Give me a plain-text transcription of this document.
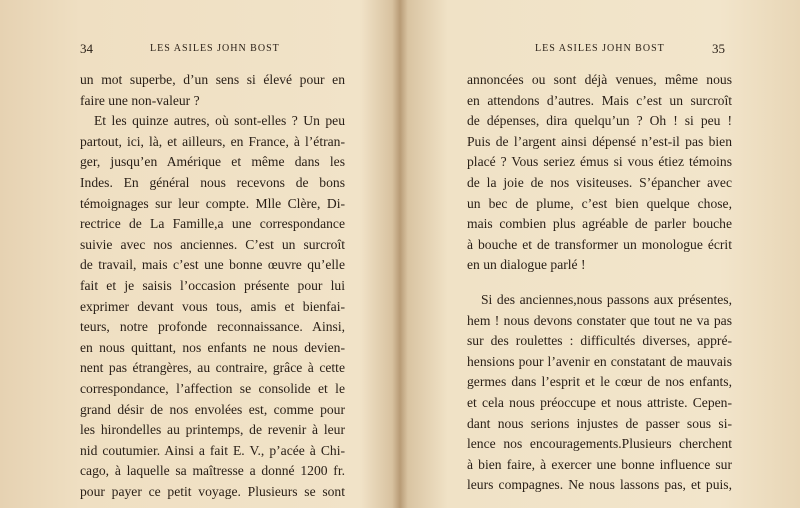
34	LES ASILES JOHN BOST
un mot superbe, d’un sens si élevé pour en
faire une non-valeur ?
Et les quinze autres, où sont-elles ? Un peu
partout, ici, là, et ailleurs, en France, à l’étran-
ger, jusqu’en Amérique et même dans les
Indes. En général nous recevons de bons
témoignages sur leur compte. Mlle Clère, Di-
rectrice de La Famille,a une correspondance
suivie avec nos anciennes. C’est un surcroît
de travail, mais c’est une bonne œuvre qu’elle
fait et je saisis l’occasion présente pour lui
exprimer devant vous tous, amis et bienfai-
teurs, notre profonde reconnaissance. Ainsi,
en nous quittant, nos enfants ne nous devien-
nent pas étrangères, au contraire, grâce à cette
correspondance, l’affection se consolide et le
grand désir de nos envolées est, comme pour
les hirondelles au printemps, de revenir à leur
nid coutumier. Ainsi a fait E. V., p’acée à Chi-
cago, à laquelle sa maîtresse a donné 1200 fr.
pour payer ce petit voyage. Plusieurs se sont
LES ASILES JOHN BOST	35
annoncées ou sont déjà venues, même nous
en attendons d’autres. Mais c’est un surcroît
de dépenses, dira quelqu’un ? Oh ! si peu !
Puis de l’argent ainsi dépensé n’est-il pas bien
placé ? Vous seriez émus si vous étiez témoins
de la joie de nos visiteuses. S’épancher avec
un bec de plume, c’est bien quelque chose,
mais combien plus agréable de parler bouche
à bouche et de transformer un monologue écrit
en un dialogue parlé !
Si des anciennes,nous passons aux présentes,
hem ! nous devons constater que tout ne va pas
sur des roulettes : difficultés diverses, appré-
hensions pour l’avenir en constatant de mauvais
germes dans l’esprit et le cœur de nos enfants,
et cela nous préoccupe et nous attriste. Cepen-
dant nous serions injustes de passer sous si-
lence nos encouragements.Plusieurs cherchent
à bien faire, à exercer une bonne influence sur
leurs compagnes. Ne nous lassons pas, et puis,
